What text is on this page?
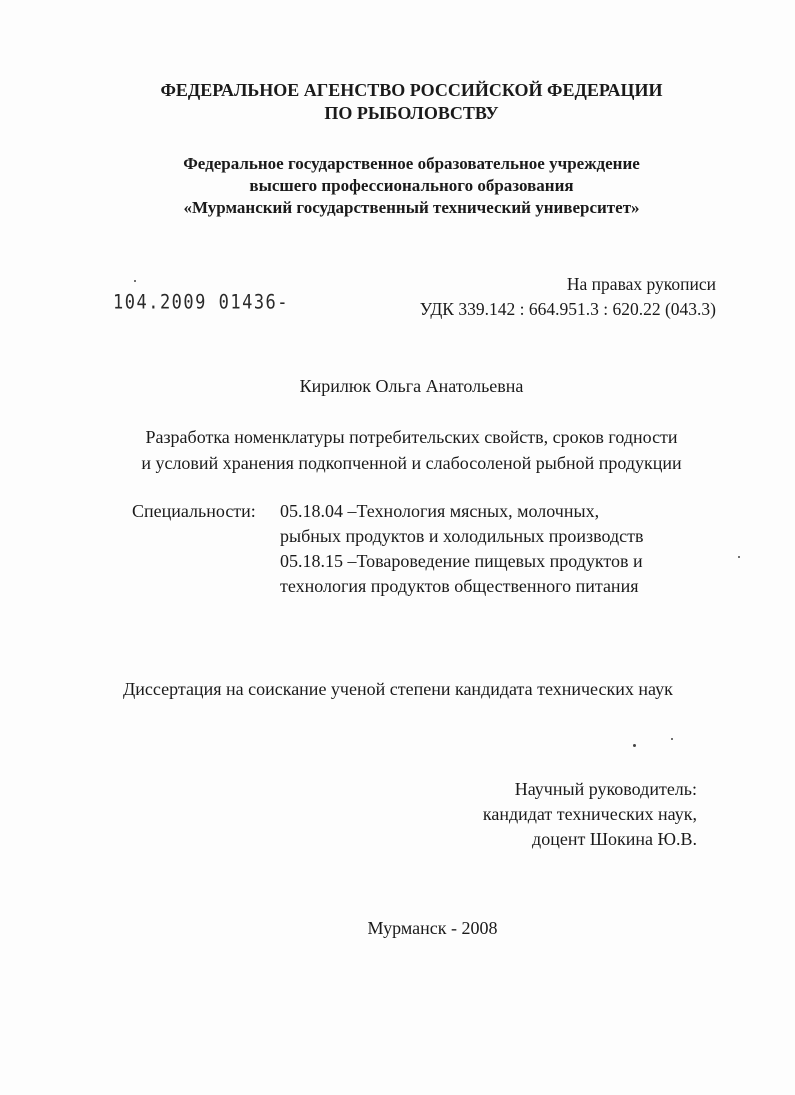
ФЕДЕРАЛЬНОЕ АГЕНСТВО РОССИЙСКОЙ ФЕДЕРАЦИИ
ПО РЫБОЛОВСТВУ
Федеральное государственное образовательное учреждение
высшего профессионального образования
«Мурманский государственный технический университет»
104.2009 01436-
На правах рукописи
УДК 339.142 : 664.951.3 : 620.22 (043.3)
Кирилюк Ольга Анатольевна
Разработка номенклатуры потребительских свойств, сроков годности
и условий хранения подкопченной и слабосоленой рыбной продукции
Специальности: 05.18.04 –Технология мясных, молочных,
рыбных продуктов и холодильных производств
05.18.15 –Товароведение пищевых продуктов и
технология продуктов общественного питания
Диссертация на соискание ученой степени кандидата технических наук
Научный руководитель:
кандидат технических наук,
доцент Шокина Ю.В.
Мурманск - 2008
